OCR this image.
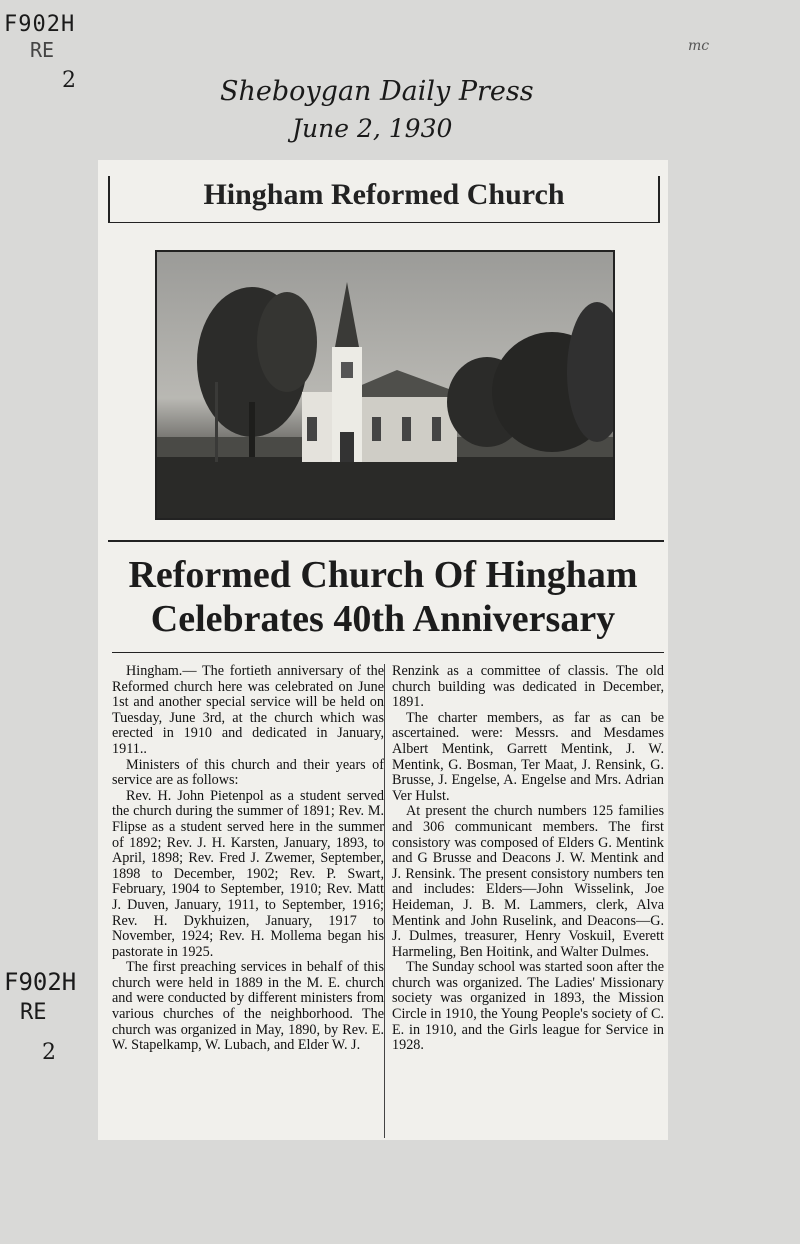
F902H
RE
2
mc
Sheboygan Daily Press
June 2, 1930
F902H
RE
2
Hingham Reformed Church
Reformed Church Of Hingham
Celebrates 40th Anniversary

Hingham.— The fortieth anniversary of the Reformed church here was celebrated on June 1st and another special service will be held on Tuesday, June 3rd, at the church which was erected in 1910 and dedicated in January, 1911..

Ministers of this church and their years of service are as follows:

Rev. H. John Pietenpol as a student served the church during the summer of 1891; Rev. M. Flipse as a student served here in the summer of 1892; Rev. J. H. Karsten, January, 1893, to April, 1898; Rev. Fred J. Zwemer, September, 1898 to December, 1902; Rev. P. Swart, February, 1904 to September, 1910; Rev. Matt J. Duven, January, 1911, to September, 1916; Rev. H. Dykhuizen, January, 1917 to November, 1924; Rev. H. Mollema began his pastorate in 1925.

The first preaching services in behalf of this church were held in 1889 in the M. E. church and were conducted by different ministers from various churches of the neighborhood. The church was organized in May, 1890, by Rev. E. W. Stapelkamp, W. Lubach, and Elder W. J.

Renzink as a committee of classis. The old church building was dedicated in December, 1891.

The charter members, as far as can be ascertained. were: Messrs. and Mesdames Albert Mentink, Garrett Mentink, J. W. Mentink, G. Bosman, Ter Maat, J. Rensink, G. Brusse, J. Engelse, A. Engelse and Mrs. Adrian Ver Hulst.

At present the church numbers 125 families and 306 communicant members. The first consistory was composed of Elders G. Mentink and G Brusse and Deacons J. W. Mentink and J. Rensink. The present consistory numbers ten and includes: Elders—John Wisselink, Joe Heideman, J. B. M. Lammers, clerk, Alva Mentink and John Ruselink, and Deacons—G. J. Dulmes, treasurer, Henry Voskuil, Everett Harmeling, Ben Hoitink, and Walter Dulmes.

The Sunday school was started soon after the church was organized. The Ladies' Missionary society was organized in 1893, the Mission Circle in 1910, the Young People's society of C. E. in 1910, and the Girls league for Service in 1928.
